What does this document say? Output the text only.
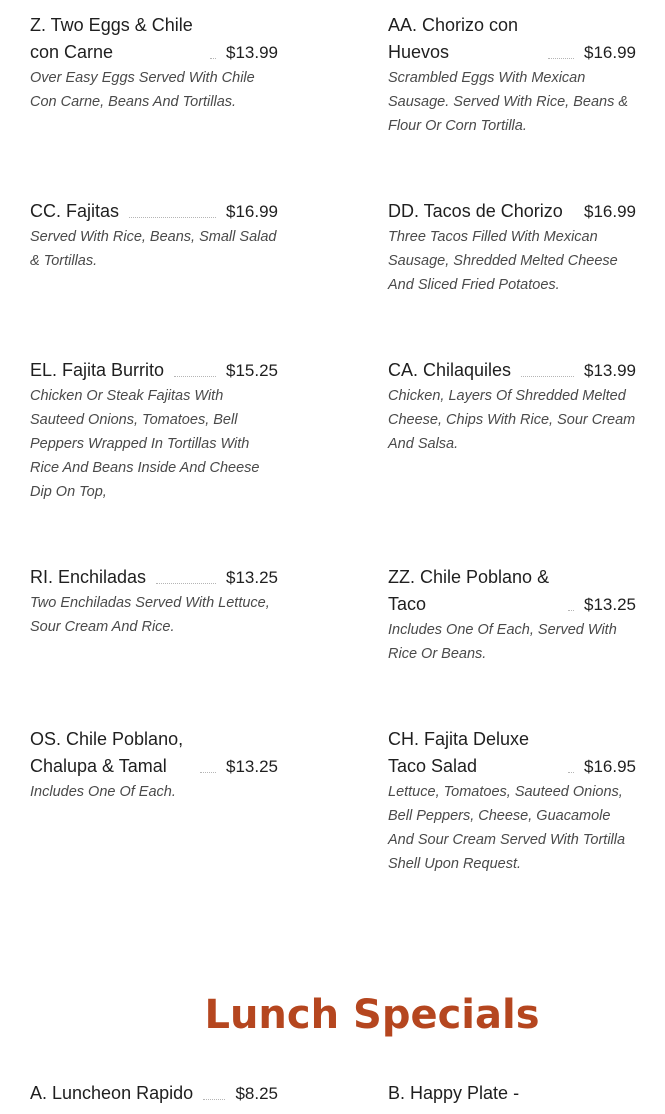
Z. Two Eggs & Chile con Carne	$13.99
Over Easy Eggs Served With Chile Con Carne, Beans And Tortillas.
AA. Chorizo con Huevos	$16.99
Scrambled Eggs With Mexican Sausage. Served With Rice, Beans & Flour Or Corn Tortilla.
CC. Fajitas	$16.99
Served With Rice, Beans, Small Salad & Tortillas.
DD. Tacos de Chorizo $16.99
Three Tacos Filled With Mexican Sausage, Shredded Melted Cheese And Sliced Fried Potatoes.
EL. Fajita Burrito	$15.25
Chicken Or Steak Fajitas With Sauteed Onions, Tomatoes, Bell Peppers Wrapped In Tortillas With Rice And Beans Inside And Cheese Dip On Top,
CA. Chilaquiles	$13.99
Chicken, Layers Of Shredded Melted Cheese, Chips With Rice, Sour Cream And Salsa.
RI. Enchiladas	$13.25
Two Enchiladas Served With Lettuce, Sour Cream And Rice.
ZZ. Chile Poblano & Taco	$13.25
Includes One Of Each, Served With Rice Or Beans.
OS. Chile Poblano, Chalupa & Tamal	$13.25
Includes One Of Each.
CH. Fajita Deluxe Taco Salad	$16.95
Lettuce, Tomatoes, Sauteed Onions, Bell Peppers, Cheese, Guacamole And Sour Cream Served With Tortilla Shell Upon Request.
Lunch Specials
A. Luncheon Rapido $8.25	B. Happy Plate -
